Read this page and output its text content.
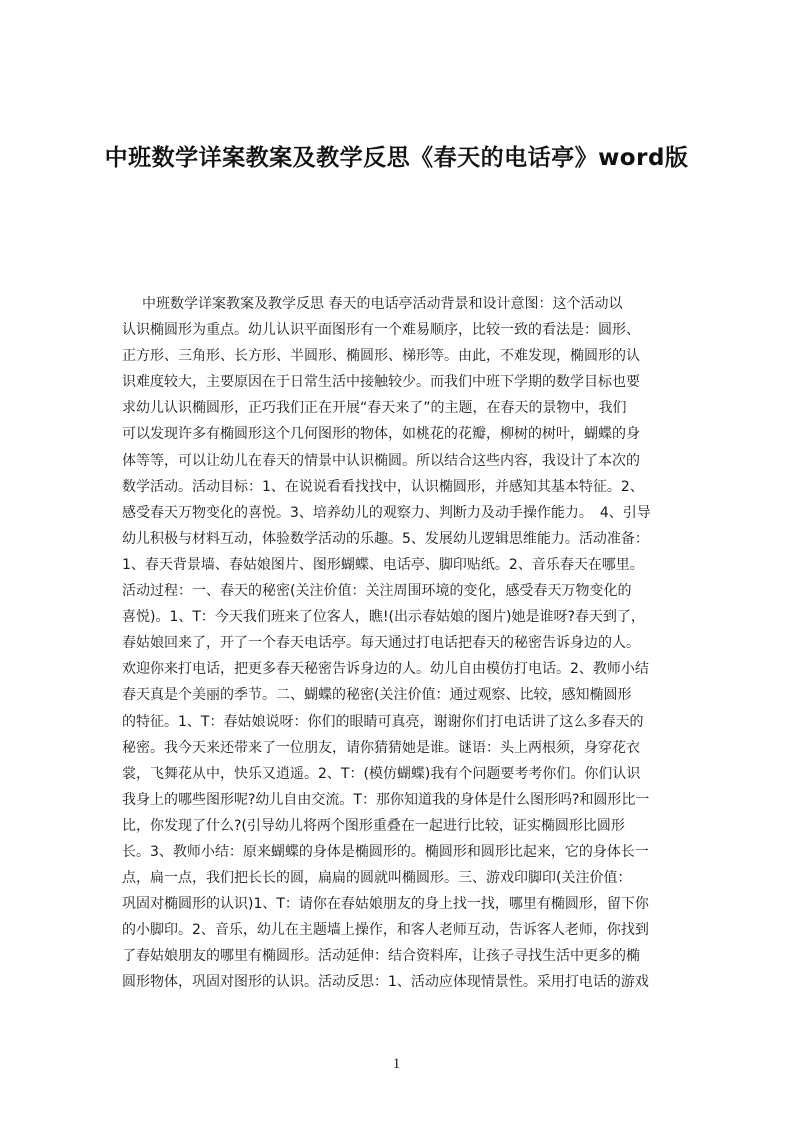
中班数学详案教案及教学反思《春天的电话亭》word版
中班数学详案教案及教学反思 春天的电话亭活动背景和设计意图：这个活动以
认识椭圆形为重点。幼儿认识平面图形有一个难易顺序，比较一致的看法是：圆形、
正方形、三角形、长方形、半圆形、椭圆形、梯形等。由此，不难发现，椭圆形的认
识难度较大，主要原因在于日常生活中接触较少。而我们中班下学期的数学目标也要
求幼儿认识椭圆形，正巧我们正在开展“春天来了”的主题，在春天的景物中，我们
可以发现许多有椭圆形这个几何图形的物体，如桃花的花瓣，柳树的树叶，蝴蝶的身
体等等，可以让幼儿在春天的情景中认识椭圆。所以结合这些内容，我设计了本次的
数学活动。活动目标：1、在说说看看找找中，认识椭圆形，并感知其基本特征。2、
感受春天万物变化的喜悦。3、培养幼儿的观察力、判断力及动手操作能力。　4、引导
幼儿积极与材料互动，体验数学活动的乐趣。5、发展幼儿逻辑思维能力。活动准备：
1、春天背景墙、春姑娘图片、图形蝴蝶、电话亭、脚印贴纸。2、音乐春天在哪里。
活动过程：一、春天的秘密(关注价值：关注周围环境的变化，感受春天万物变化的
喜悦)。1、T：今天我们班来了位客人，瞧!(出示春姑娘的图片)她是谁呀?春天到了，
春姑娘回来了，开了一个春天电话亭。每天通过打电话把春天的秘密告诉身边的人。
欢迎你来打电话，把更多春天秘密告诉身边的人。幼儿自由模仿打电话。2、教师小结
春天真是个美丽的季节。二、蝴蝶的秘密(关注价值：通过观察、比较，感知椭圆形
的特征。1、T：春姑娘说呀：你们的眼睛可真亮，谢谢你们打电话讲了这么多春天的
秘密。我今天来还带来了一位朋友，请你猜猜她是谁。谜语：头上两根须，身穿花衣
裳，飞舞花从中，快乐又逍遥。2、T：(模仿蝴蝶)我有个问题要考考你们。你们认识
我身上的哪些图形呢?幼儿自由交流。T：那你知道我的身体是什么图形吗?和圆形比一
比，你发现了什么?(引导幼儿将两个图形重叠在一起进行比较，证实椭圆形比圆形
长。3、教师小结：原来蝴蝶的身体是椭圆形的。椭圆形和圆形比起来，它的身体长一
点，扁一点，我们把长长的圆，扁扁的圆就叫椭圆形。三、游戏印脚印(关注价值：
巩固对椭圆形的认识)1、T：请你在春姑娘朋友的身上找一找，哪里有椭圆形，留下你
的小脚印。2、音乐，幼儿在主题墙上操作，和客人老师互动，告诉客人老师，你找到
了春姑娘朋友的哪里有椭圆形。活动延伸：结合资料库，让孩子寻找生活中更多的椭
圆形物体，巩固对图形的认识。活动反思：1、活动应体现情景性。采用打电话的游戏
1
